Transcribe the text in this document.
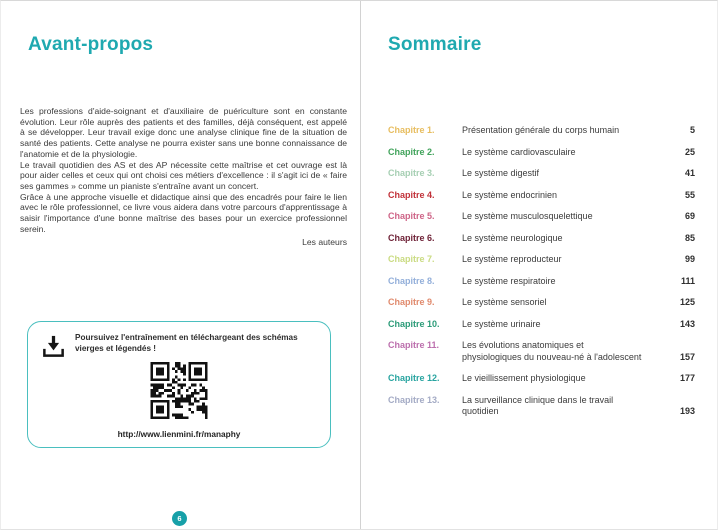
Avant-propos

Les professions d'aide-soignant et d'auxiliaire de puériculture sont en constante évolution. Leur rôle auprès des patients et des familles, déjà conséquent, est appelé à se développer. Leur travail exige donc une analyse clinique fine de la situation de santé des patients. Cette analyse ne pourra exister sans une bonne connaissance de l'anatomie et de la physiologie.

Le travail quotidien des AS et des AP nécessite cette maîtrise et cet ouvrage est là pour aider celles et ceux qui ont choisi ces métiers d'excellence : il s'agit ici de « faire ses gammes » comme un pianiste s'entraîne avant un concert.

Grâce à une approche visuelle et didactique ainsi que des encadrés pour faire le lien avec le rôle professionnel, ce livre vous aidera dans votre parcours d'apprentissage à saisir l'importance d'une bonne maîtrise des bases pour un exercice professionnel serein.

Les auteurs
Poursuivez l'entraînement en téléchargeant des schémas vierges et légendés !
http://www.lienmini.fr/manaphy
6
Sommaire
Chapitre 1.	Présentation générale du corps humain	5
Chapitre 2.	Le système cardiovasculaire	25
Chapitre 3.	Le système digestif	41
Chapitre 4.	Le système endocrinien	55
Chapitre 5.	Le système musculosquelettique	69
Chapitre 6.	Le système neurologique	85
Chapitre 7.	Le système reproducteur	99
Chapitre 8.	Le système respiratoire	111
Chapitre 9.	Le système sensoriel	125
Chapitre 10.	Le système urinaire	143
Chapitre 11.	Les évolutions anatomiques et physiologiques du nouveau-né à l'adolescent	157
Chapitre 12.	Le vieillissement physiologique	177
Chapitre 13.	La surveillance clinique dans le travail quotidien	193
